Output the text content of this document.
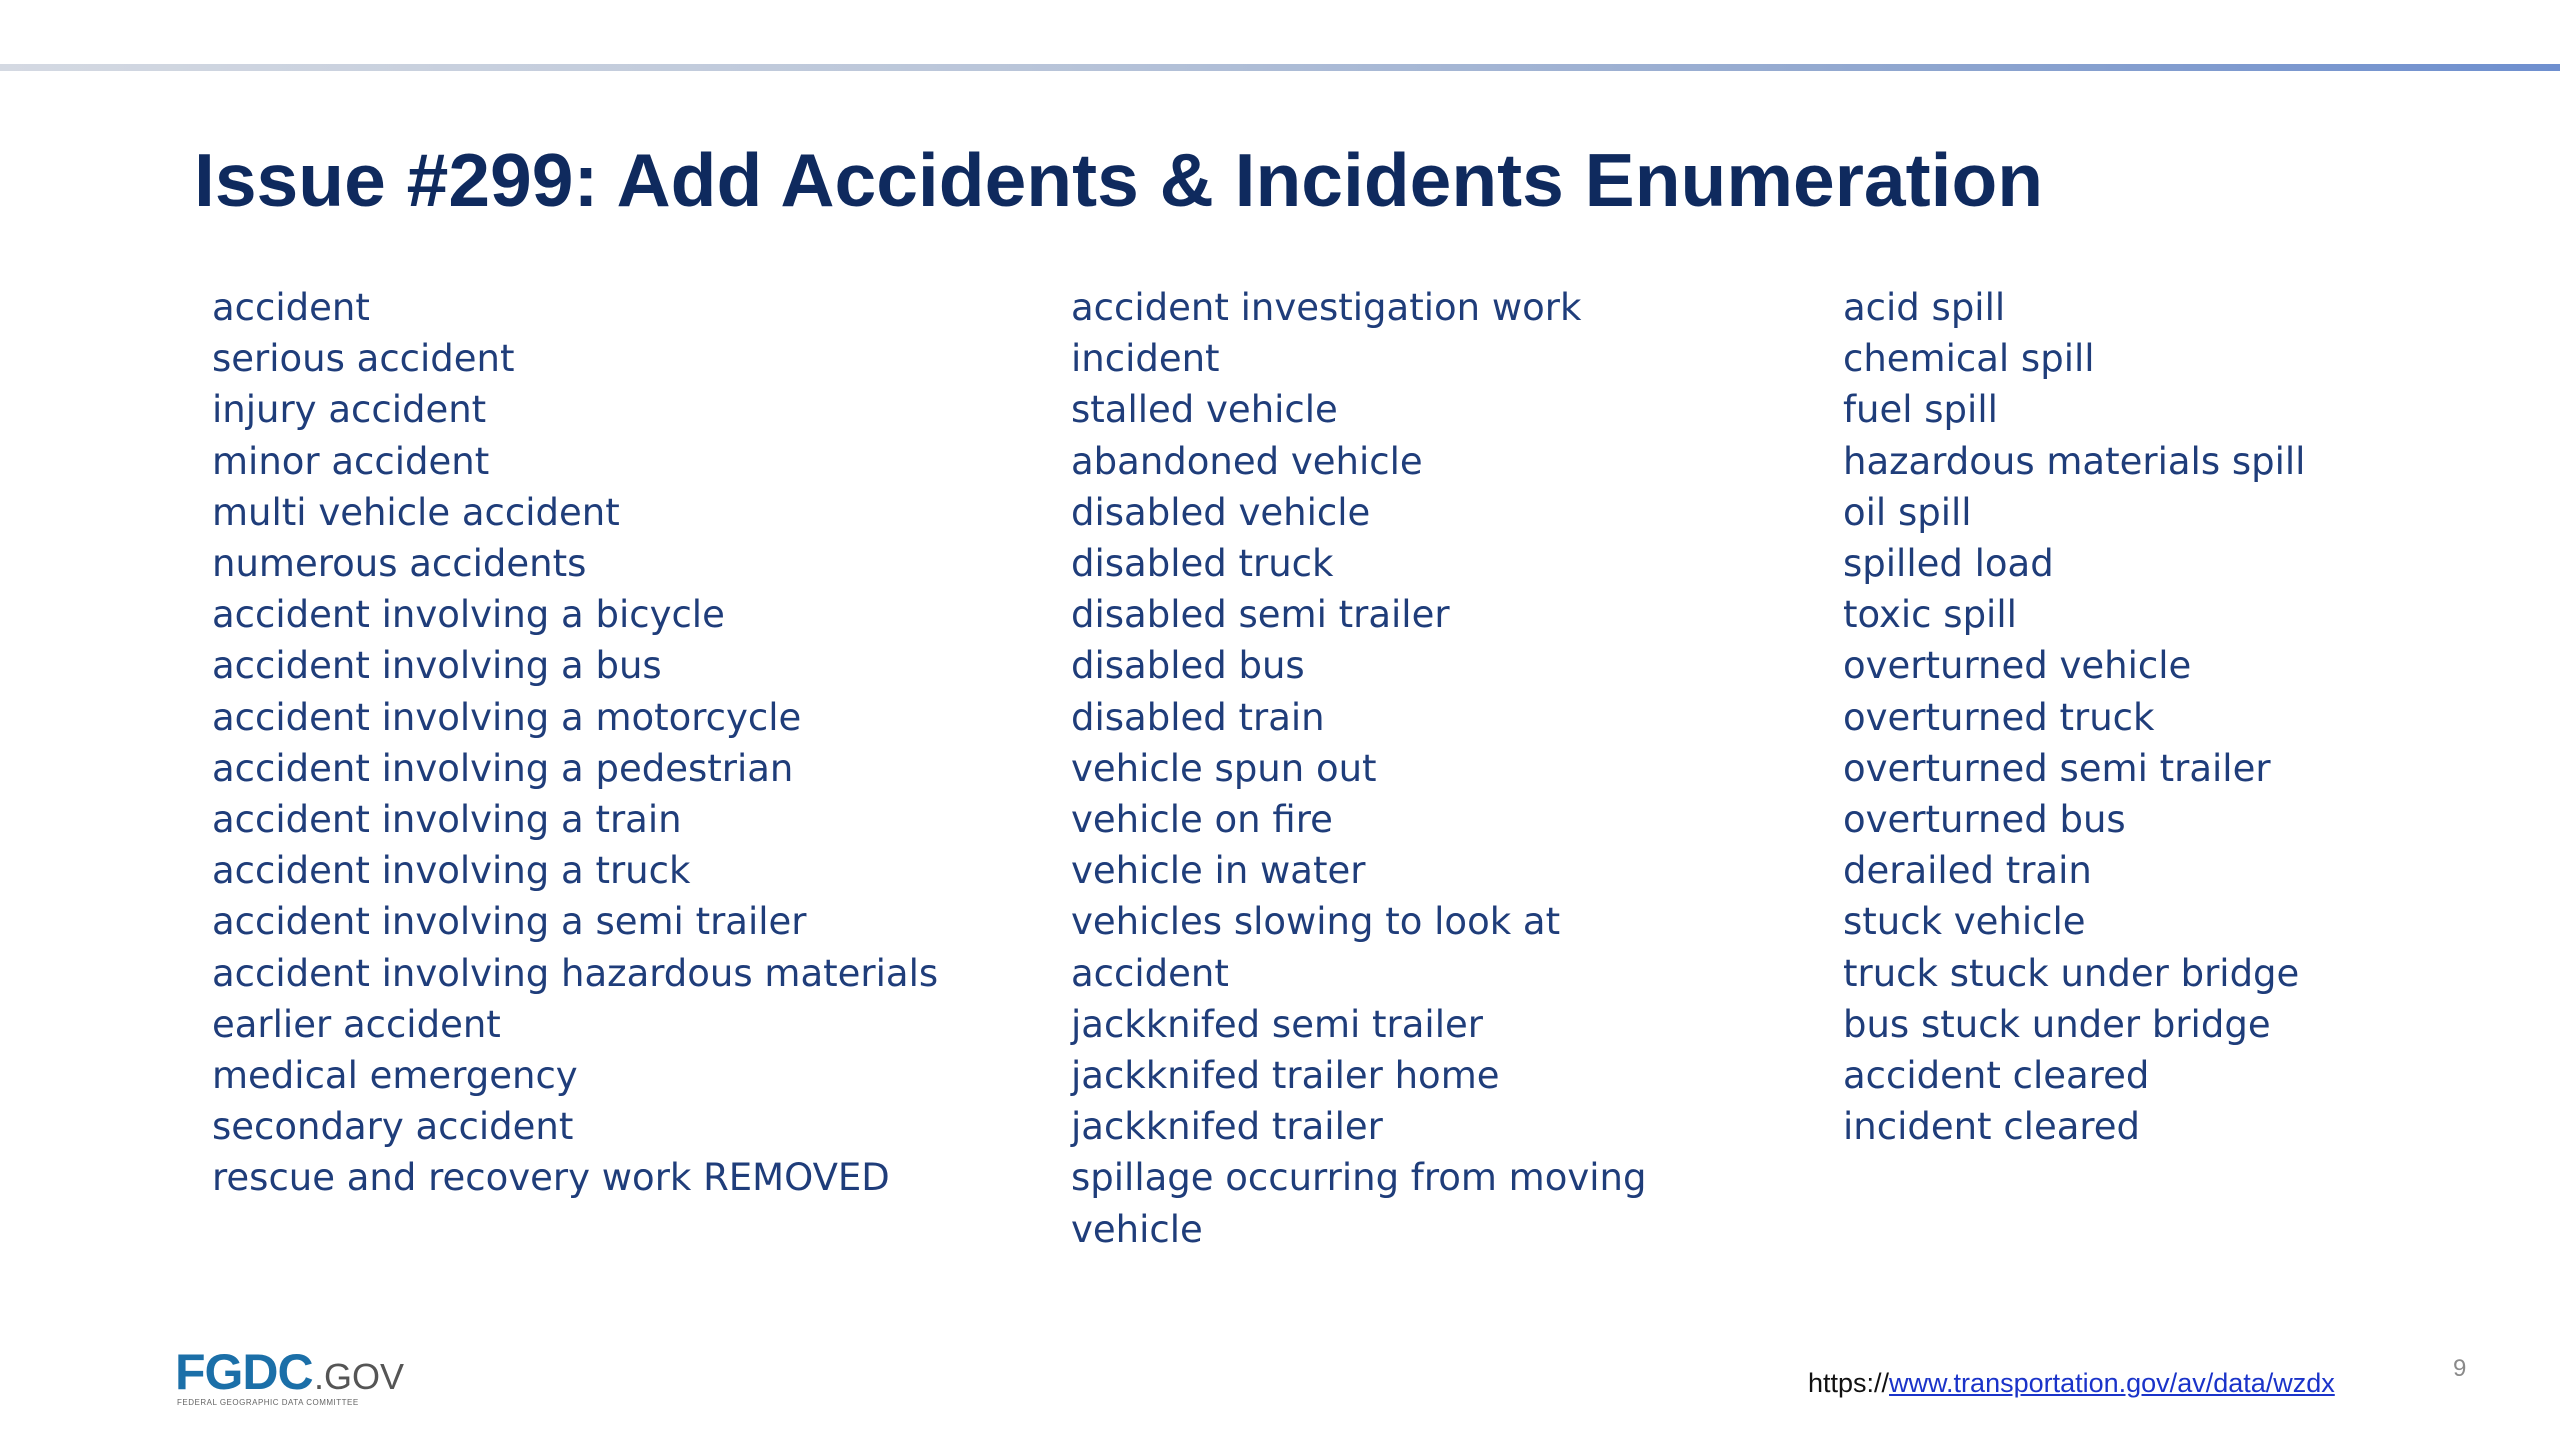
Issue #299: Add Accidents & Incidents Enumeration
accident
serious accident
injury accident
minor accident
multi vehicle accident
numerous accidents
accident involving a bicycle
accident involving a bus
accident involving a motorcycle
accident involving a pedestrian
accident involving a train
accident involving a truck
accident involving a semi trailer
accident involving hazardous materials
earlier accident
medical emergency
secondary accident
rescue and recovery work REMOVED
accident investigation work
incident
stalled vehicle
abandoned vehicle
disabled vehicle
disabled truck
disabled semi trailer
disabled bus
disabled train
vehicle spun out
vehicle on fire
vehicle in water
vehicles slowing to look at
accident
jackknifed semi trailer
jackknifed trailer home
jackknifed trailer
spillage occurring from moving
vehicle
acid spill
chemical spill
fuel spill
hazardous materials spill
oil spill
spilled load
toxic spill
overturned vehicle
overturned truck
overturned semi trailer
overturned bus
derailed train
stuck vehicle
truck stuck under bridge
bus stuck under bridge
accident cleared
incident cleared
FGDC .GOV
FEDERAL GEOGRAPHIC DATA COMMITTEE
https://www.transportation.gov/av/data/wzdx	9
